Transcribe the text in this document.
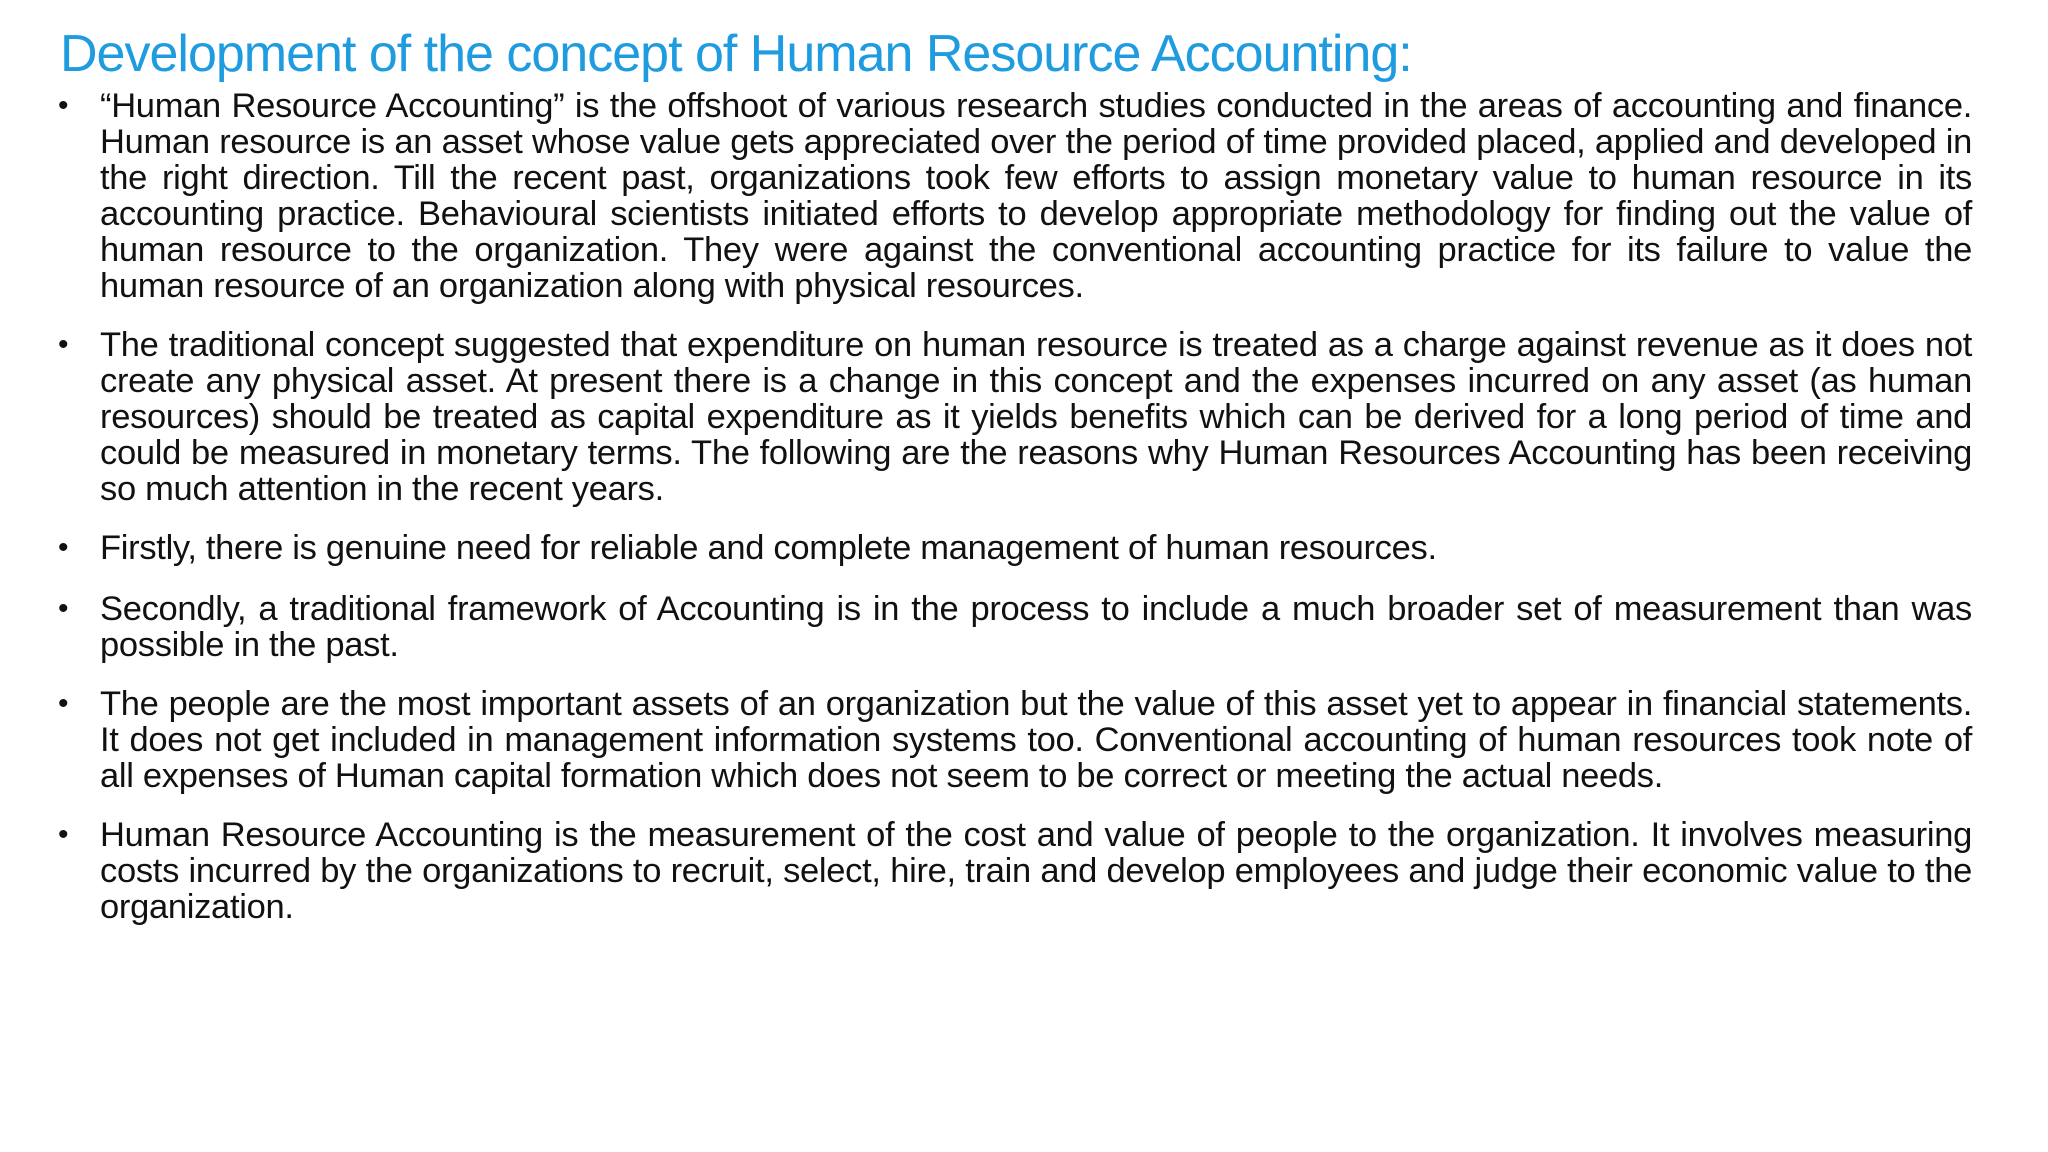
Development of the concept of Human Resource Accounting:
• “Human Resource Accounting” is the offshoot of various research studies conducted in the areas of accounting and finance. Human resource is an asset whose value gets appreciated over the period of time provided placed, applied and developed in the right direction. Till the recent past, organizations took few efforts to assign monetary value to human resource in its accounting practice. Behavioural scientists initiated efforts to develop appropriate methodology for finding out the value of human resource to the organization. They were against the conventional accounting practice for its failure to value the human resource of an organization along with physical resources.
• The traditional concept suggested that expenditure on human resource is treated as a charge against revenue as it does not create any physical asset. At present there is a change in this concept and the expenses incurred on any asset (as human resources) should be treated as capital expenditure as it yields benefits which can be derived for a long period of time and could be measured in monetary terms. The following are the reasons why Human Resources Accounting has been receiving so much attention in the recent years.
• Firstly, there is genuine need for reliable and complete management of human resources.
• Secondly, a traditional framework of Accounting is in the process to include a much broader set of measurement than was possible in the past.
• The people are the most important assets of an organization but the value of this asset yet to appear in financial statements. It does not get included in management information systems too. Conventional accounting of human resources took note of all expenses of Human capital formation which does not seem to be correct or meeting the actual needs.
• Human Resource Accounting is the measurement of the cost and value of people to the organization. It involves measuring costs incurred by the organizations to recruit, select, hire, train and develop employees and judge their economic value to the organization.
